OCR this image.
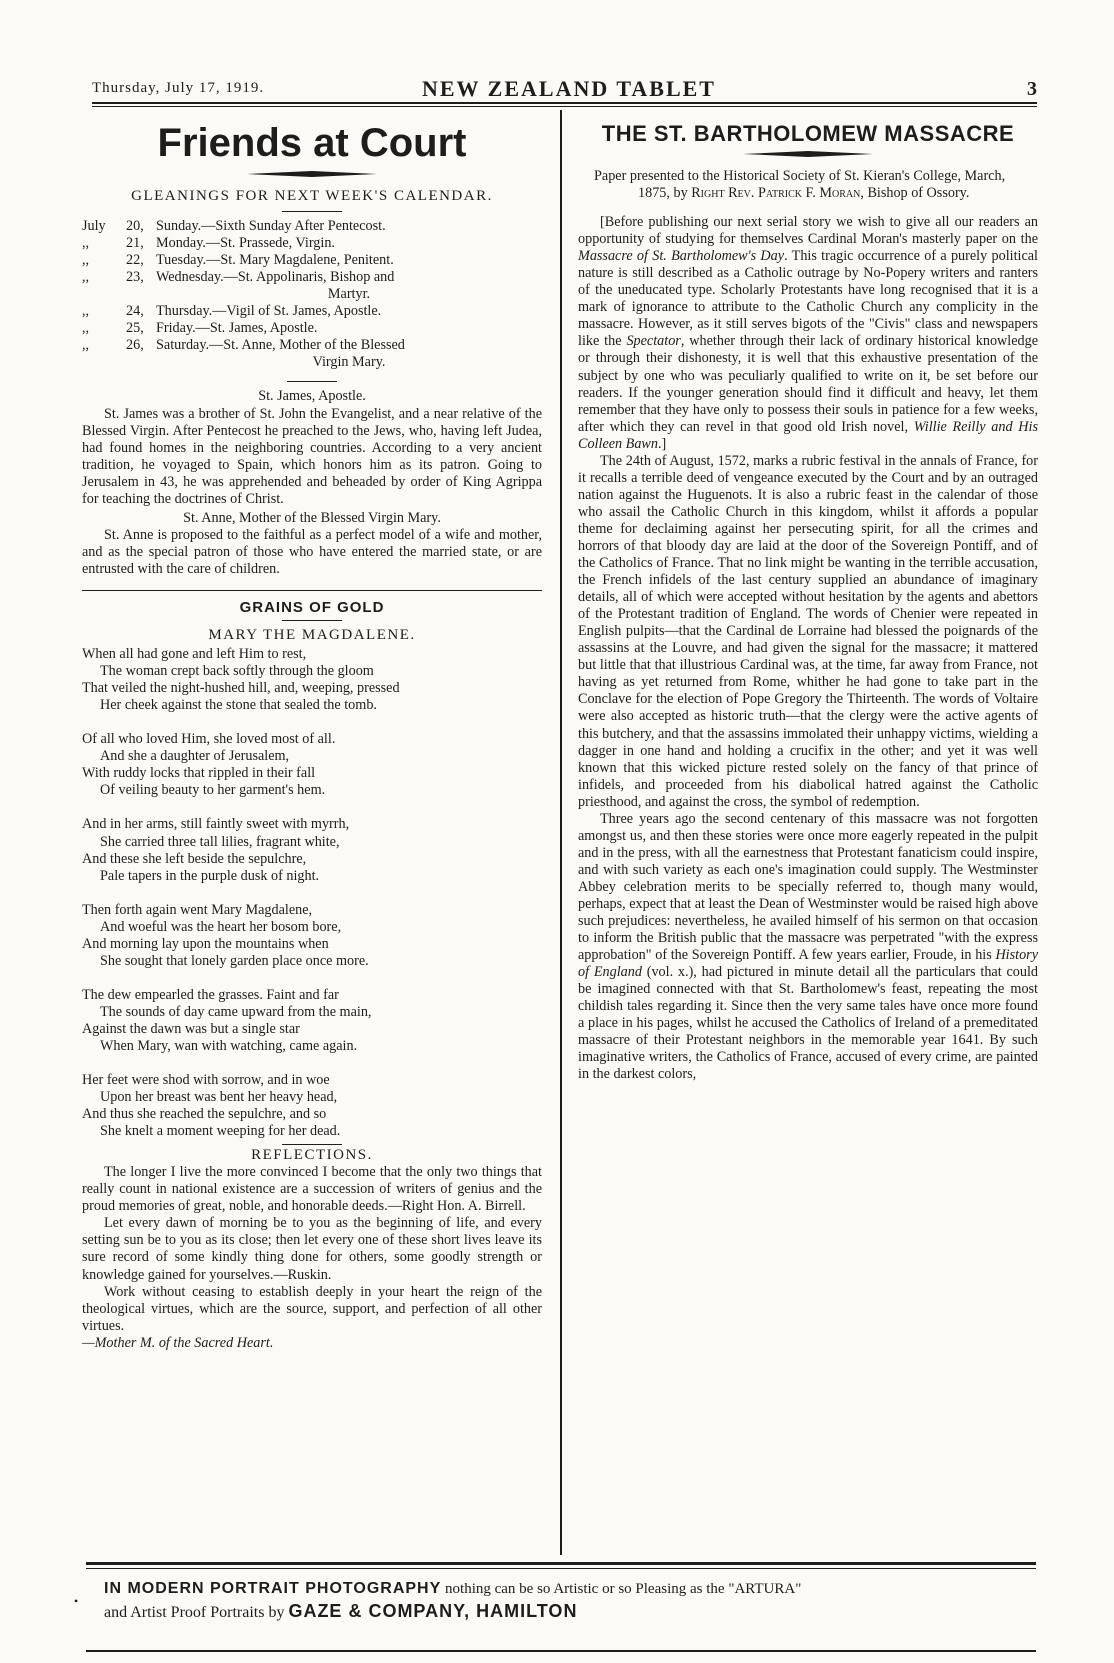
Thursday, July 17, 1919.	NEW ZEALAND TABLET	3
Friends at Court
GLEANINGS FOR NEXT WEEK'S CALENDAR.
July	20, Sunday.—Sixth Sunday After Pentecost.
,,	21, Monday.—St. Prassede, Virgin.
,,	22, Tuesday.—St. Mary Magdalene, Penitent.
,,	23, Wednesday.—St. Appolinaris, Bishop and
Martyr.
,,	24, Thursday.—Vigil of St. James, Apostle.
,,	25, Friday.—St. James, Apostle.
,,	26, Saturday.—St. Anne, Mother of the Blessed
Virgin Mary.
St. James, Apostle.

St. James was a brother of St. John the Evangelist, and a near relative of the Blessed Virgin. After Pentecost he preached to the Jews, who, having left Judea, had found homes in the neighboring countries. According to a very ancient tradition, he voyaged to Spain, which honors him as its patron. Going to Jerusalem in 43, he was apprehended and beheaded by order of King Agrippa for teaching the doctrines of Christ.

St. Anne, Mother of the Blessed Virgin Mary.

St. Anne is proposed to the faithful as a perfect model of a wife and mother, and as the special patron of those who have entered the married state, or are entrusted with the care of children.

GRAINS OF GOLD
MARY THE MAGDALENE.
When all had gone and left Him to rest,
The woman crept back softly through the gloom
That veiled the night-hushed hill, and, weeping, pressed
Her cheek against the stone that sealed the tomb.
Of all who loved Him, she loved most of all.
And she a daughter of Jerusalem,
With ruddy locks that rippled in their fall
Of veiling beauty to her garment's hem.
And in her arms, still faintly sweet with myrrh,
She carried three tall lilies, fragrant white,
And these she left beside the sepulchre,
Pale tapers in the purple dusk of night.
Then forth again went Mary Magdalene,
And woeful was the heart her bosom bore,
And morning lay upon the mountains when
She sought that lonely garden place once more.
The dew empearled the grasses. Faint and far
The sounds of day came upward from the main,
Against the dawn was but a single star
When Mary, wan with watching, came again.
Her feet were shod with sorrow, and in woe
Upon her breast was bent her heavy head,
And thus she reached the sepulchre, and so
She knelt a moment weeping for her dead.
REFLECTIONS.

The longer I live the more convinced I become that the only two things that really count in national existence are a succession of writers of genius and the proud memories of great, noble, and honorable deeds.—Right Hon. A. Birrell.

Let every dawn of morning be to you as the beginning of life, and every setting sun be to you as its close; then let every one of these short lives leave its sure record of some kindly thing done for others, some goodly strength or knowledge gained for yourselves.—Ruskin.

Work without ceasing to establish deeply in your heart the reign of the theological virtues, which are the source, support, and perfection of all other virtues.
—Mother M. of the Sacred Heart.

THE ST. BARTHOLOMEW MASSACRE
Paper presented to the Historical Society of St. Kieran's College, March, 1875, by Right Rev. Patrick F. Moran, Bishop of Ossory.

[Before publishing our next serial story we wish to give all our readers an opportunity of studying for themselves Cardinal Moran's masterly paper on the Massacre of St. Bartholomew's Day. This tragic occurrence of a purely political nature is still described as a Catholic outrage by No-Popery writers and ranters of the uneducated type. Scholarly Protestants have long recognised that it is a mark of ignorance to attribute to the Catholic Church any complicity in the massacre. However, as it still serves bigots of the "Civis" class and newspapers like the Spectator, whether through their lack of ordinary historical knowledge or through their dishonesty, it is well that this exhaustive presentation of the subject by one who was peculiarly qualified to write on it, be set before our readers. If the younger generation should find it difficult and heavy, let them remember that they have only to possess their souls in patience for a few weeks, after which they can revel in that good old Irish novel, Willie Reilly and His Colleen Bawn.]

The 24th of August, 1572, marks a rubric festival in the annals of France, for it recalls a terrible deed of vengeance executed by the Court and by an outraged nation against the Huguenots. It is also a rubric feast in the calendar of those who assail the Catholic Church in this kingdom, whilst it affords a popular theme for declaiming against her persecuting spirit, for all the crimes and horrors of that bloody day are laid at the door of the Sovereign Pontiff, and of the Catholics of France. That no link might be wanting in the terrible accusation, the French infidels of the last century supplied an abundance of imaginary details, all of which were accepted without hesitation by the agents and abettors of the Protestant tradition of England. The words of Chenier were repeated in English pulpits—that the Cardinal de Lorraine had blessed the poignards of the assassins at the Louvre, and had given the signal for the massacre; it mattered but little that that illustrious Cardinal was, at the time, far away from France, not having as yet returned from Rome, whither he had gone to take part in the Conclave for the election of Pope Gregory the Thirteenth. The words of Voltaire were also accepted as historic truth—that the clergy were the active agents of this butchery, and that the assassins immolated their unhappy victims, wielding a dagger in one hand and holding a crucifix in the other; and yet it was well known that this wicked picture rested solely on the fancy of that prince of infidels, and proceeded from his diabolical hatred against the Catholic priesthood, and against the cross, the symbol of redemption.

Three years ago the second centenary of this massacre was not forgotten amongst us, and then these stories were once more eagerly repeated in the pulpit and in the press, with all the earnestness that Protestant fanaticism could inspire, and with such variety as each one's imagination could supply. The Westminster Abbey celebration merits to be specially referred to, though many would, perhaps, expect that at least the Dean of Westminster would be raised high above such prejudices: nevertheless, he availed himself of his sermon on that occasion to inform the British public that the massacre was perpetrated "with the express approbation" of the Sovereign Pontiff. A few years earlier, Froude, in his History of England (vol. x.), had pictured in minute detail all the particulars that could be imagined connected with that St. Bartholomew's feast, repeating the most childish tales regarding it. Since then the very same tales have once more found a place in his pages, whilst he accused the Catholics of Ireland of a premeditated massacre of their Protestant neighbors in the memorable year 1641. By such imaginative writers, the Catholics of France, accused of every crime, are painted in the darkest colors,

•
IN MODERN PORTRAIT PHOTOGRAPHY nothing can be so Artistic or so Pleasing as the "ARTURA"
and Artist Proof Portraits by GAZE & COMPANY, HAMILTON
